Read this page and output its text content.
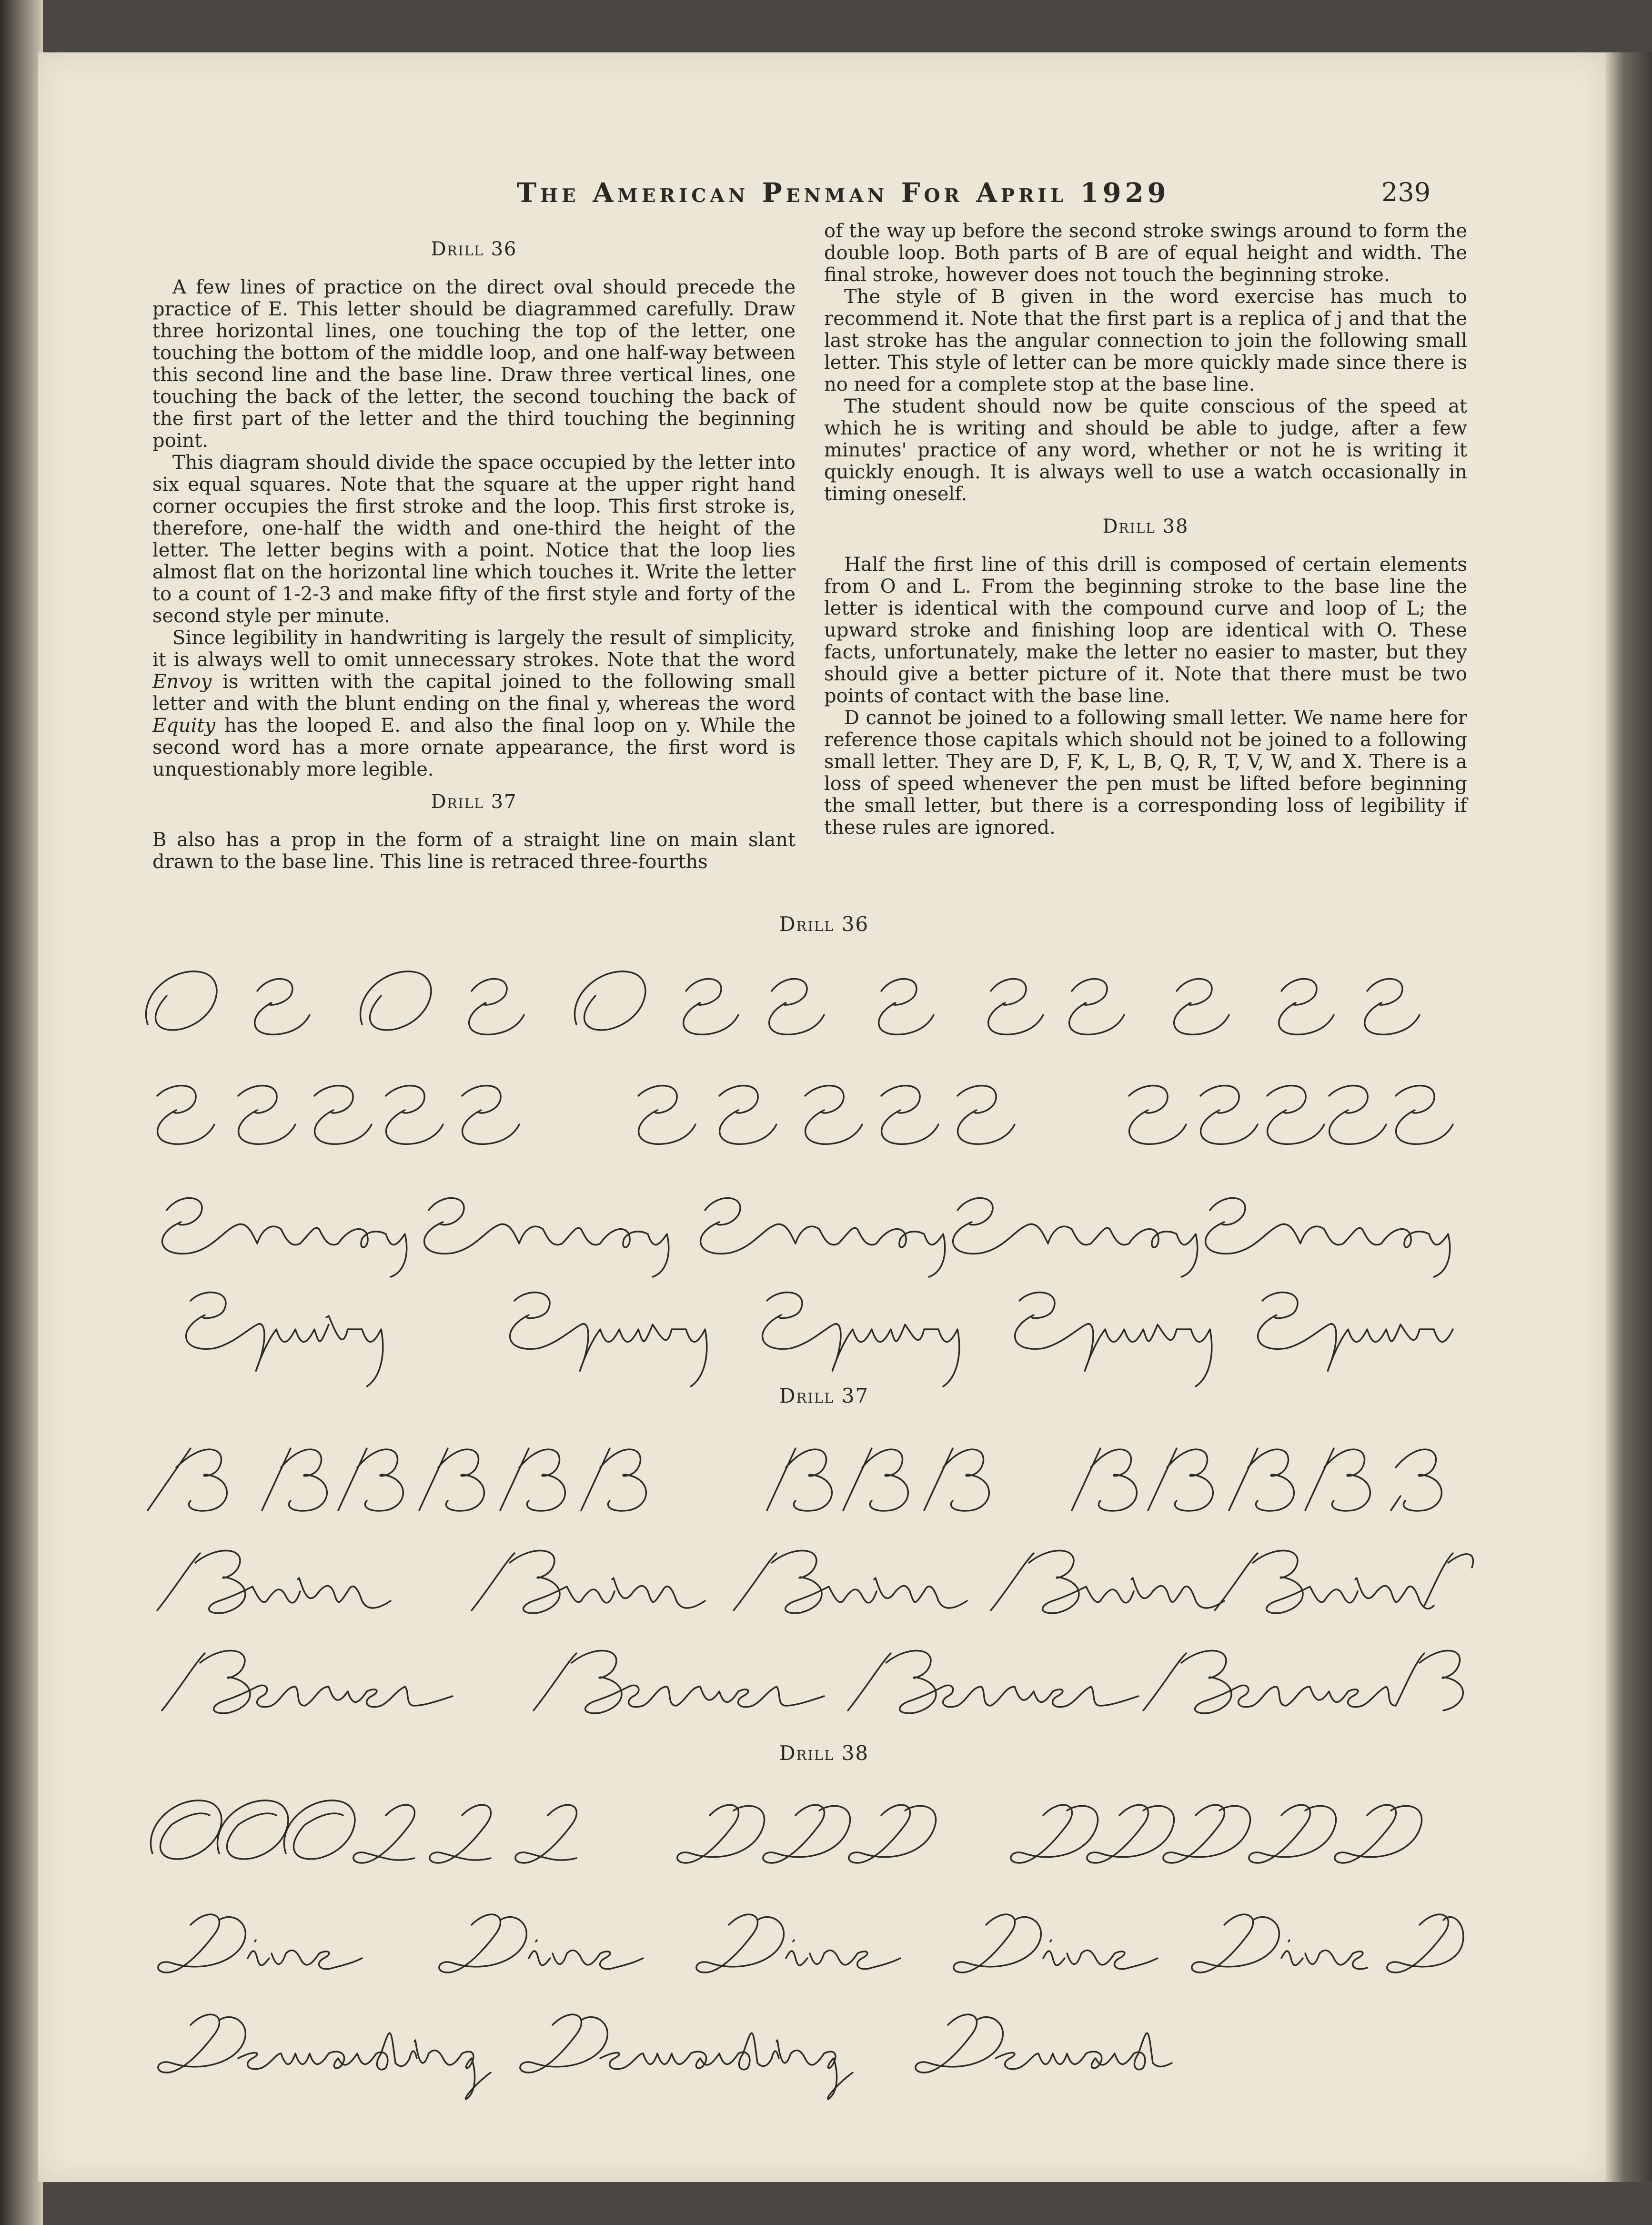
The American Penman For April 1929	239
Drill 36

A few lines of practice on the direct oval should precede the practice of E. This letter should be diagrammed carefully. Draw three horizontal lines, one touching the top of the letter, one touching the bottom of the middle loop, and one half-way between this second line and the base line. Draw three vertical lines, one touching the back of the letter, the second touching the back of the first part of the letter and the third touching the beginning point.

This diagram should divide the space occupied by the letter into six equal squares. Note that the square at the upper right hand corner occupies the first stroke and the loop. This first stroke is, therefore, one-half the width and one-third the height of the letter. The letter begins with a point. Notice that the loop lies almost flat on the horizontal line which touches it. Write the letter to a count of 1-2-3 and make fifty of the first style and forty of the second style per minute.

Since legibility in handwriting is largely the result of simplicity, it is always well to omit unnecessary strokes. Note that the word Envoy is written with the capital joined to the following small letter and with the blunt ending on the final y, whereas the word Equity has the looped E. and also the final loop on y. While the second word has a more ornate appearance, the first word is unquestionably more legible.

Drill 37

B also has a prop in the form of a straight line on main slant drawn to the base line. This line is retraced three-fourths

of the way up before the second stroke swings around to form the double loop. Both parts of B are of equal height and width. The final stroke, however does not touch the beginning stroke.

The style of B given in the word exercise has much to recommend it. Note that the first part is a replica of j and that the last stroke has the angular connection to join the following small letter. This style of letter can be more quickly made since there is no need for a complete stop at the base line.

The student should now be quite conscious of the speed at which he is writing and should be able to judge, after a few minutes' practice of any word, whether or not he is writing it quickly enough. It is always well to use a watch occasionally in timing oneself.

Drill 38

Half the first line of this drill is composed of certain elements from O and L. From the beginning stroke to the base line the letter is identical with the compound curve and loop of L; the upward stroke and finishing loop are identical with O. These facts, unfortunately, make the letter no easier to master, but they should give a better picture of it. Note that there must be two points of contact with the base line.

D cannot be joined to a following small letter. We name here for reference those capitals which should not be joined to a following small letter. They are D, F, K, L, B, Q, R, T, V, W, and X. There is a loss of speed whenever the pen must be lifted before beginning the small letter, but there is a corresponding loss of legibility if these rules are ignored.

Drill 36
Drill 37
Drill 38
